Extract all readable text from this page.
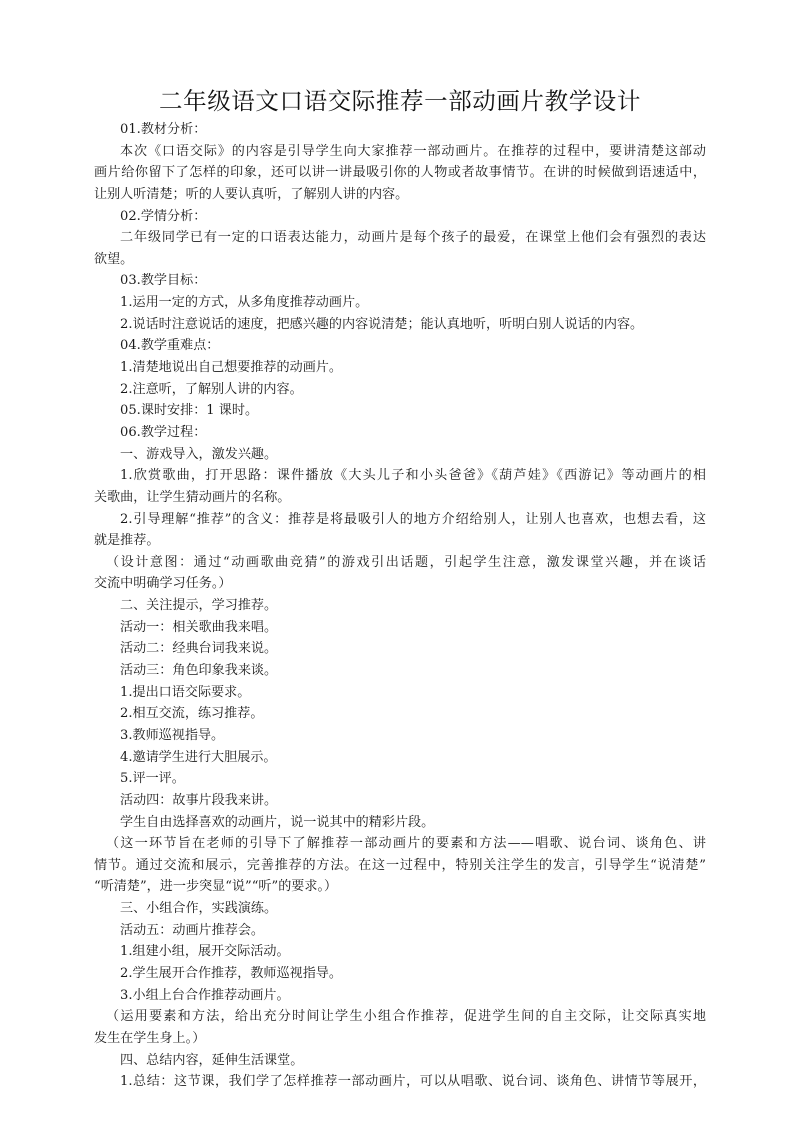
二年级语文口语交际推荐一部动画片教学设计

01.教材分析：

本次《口语交际》的内容是引导学生向大家推荐一部动画片。在推荐的过程中，要讲清楚这部动

画片给你留下了怎样的印象，还可以讲一讲最吸引你的人物或者故事情节。在讲的时候做到语速适中，

让别人听清楚；听的人要认真听，了解别人讲的内容。

02.学情分析：

二年级同学已有一定的口语表达能力，动画片是每个孩子的最爱，在课堂上他们会有强烈的表达

欲望。

03.教学目标：

1.运用一定的方式，从多角度推荐动画片。

2.说话时注意说话的速度，把感兴趣的内容说清楚；能认真地听，听明白别人说话的内容。

04.教学重难点：

1.清楚地说出自己想要推荐的动画片。

2.注意听，了解别人讲的内容。

05.课时安排：1 课时。

06.教学过程：

一、游戏导入，激发兴趣。

1.欣赏歌曲，打开思路：课件播放《大头儿子和小头爸爸》《葫芦娃》《西游记》等动画片的相

关歌曲，让学生猜动画片的名称。

2.引导理解“推荐”的含义：推荐是将最吸引人的地方介绍给别人，让别人也喜欢，也想去看，这

就是推荐。

（设计意图：通过“动画歌曲竞猜”的游戏引出话题，引起学生注意，激发课堂兴趣，并在谈话

交流中明确学习任务。）

二、关注提示，学习推荐。

活动一：相关歌曲我来唱。

活动二：经典台词我来说。

活动三：角色印象我来谈。

1.提出口语交际要求。

2.相互交流，练习推荐。

3.教师巡视指导。

4.邀请学生进行大胆展示。

5.评一评。

活动四：故事片段我来讲。

学生自由选择喜欢的动画片，说一说其中的精彩片段。

（这一环节旨在老师的引导下了解推荐一部动画片的要素和方法——唱歌、说台词、谈角色、讲

情节。通过交流和展示，完善推荐的方法。在这一过程中，特别关注学生的发言，引导学生“说清楚”

“听清楚”，进一步突显“说”“听”的要求。）

三、小组合作，实践演练。

活动五：动画片推荐会。

1.组建小组，展开交际活动。

2.学生展开合作推荐，教师巡视指导。

3.小组上台合作推荐动画片。

（运用要素和方法，给出充分时间让学生小组合作推荐，促进学生间的自主交际，让交际真实地

发生在学生身上。）

四、总结内容，延伸生活课堂。

1.总结：这节课，我们学了怎样推荐一部动画片，可以从唱歌、说台词、谈角色、讲情节等展开，
